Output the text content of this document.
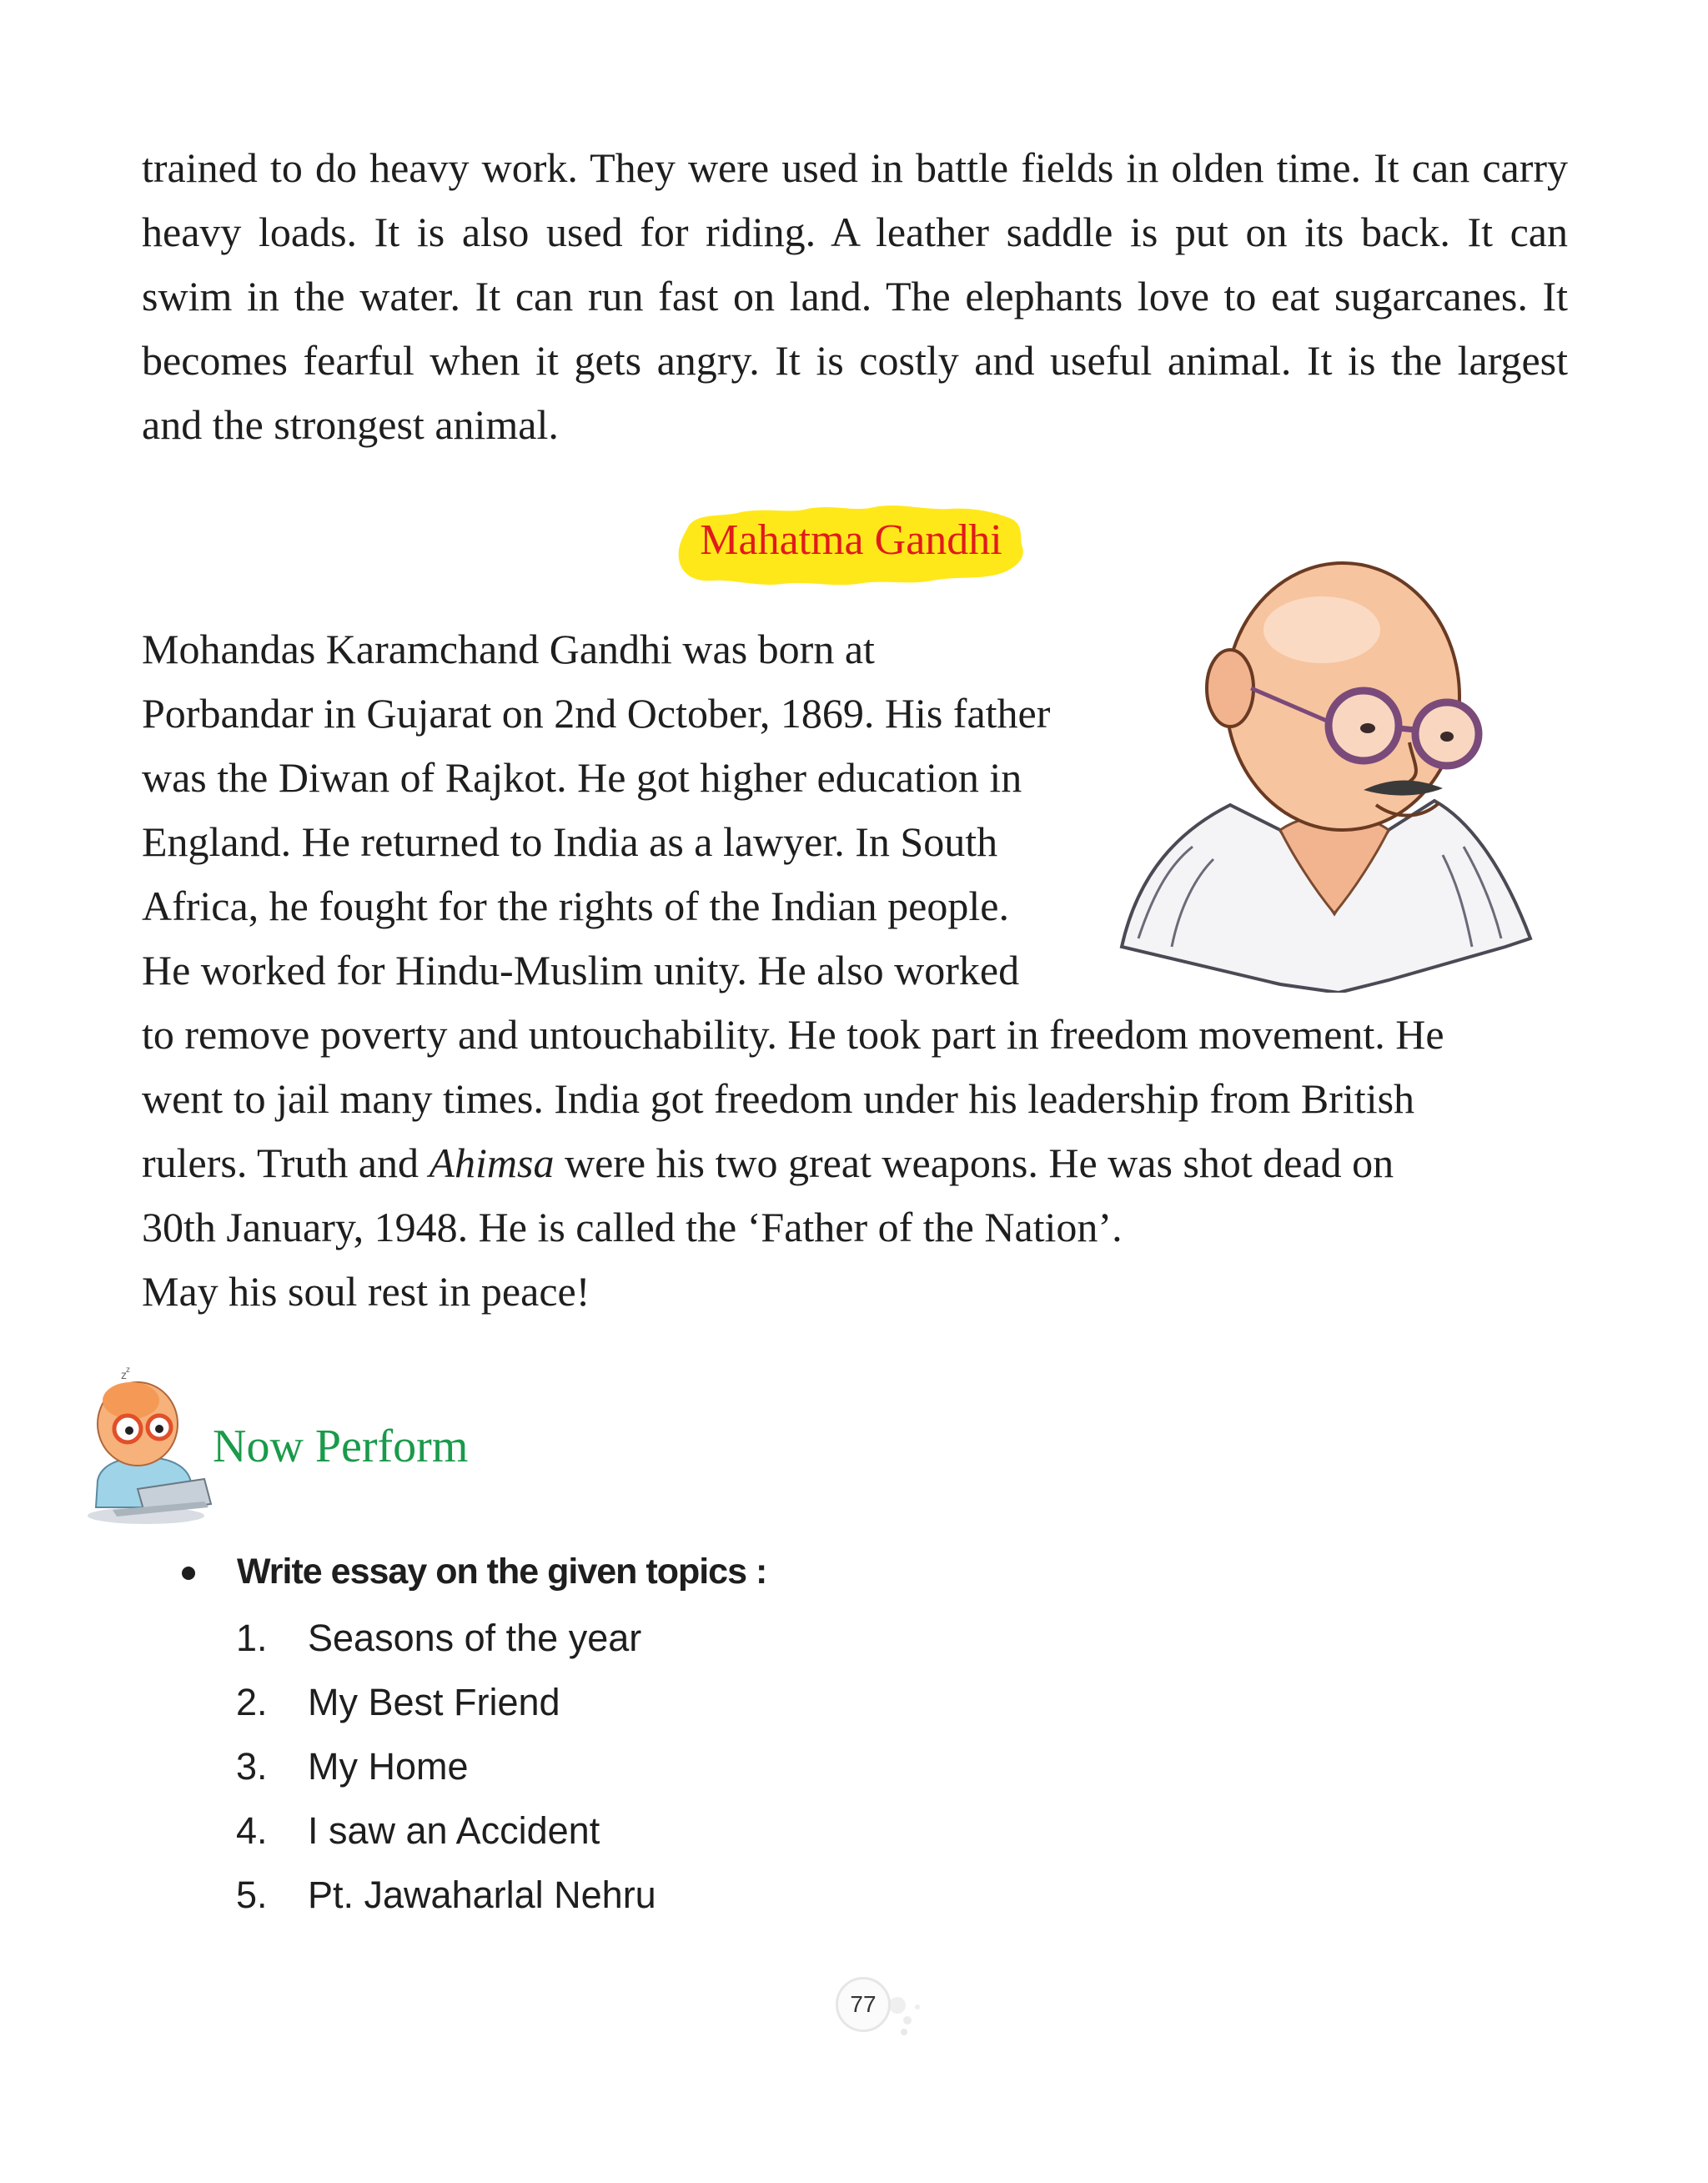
trained to do heavy work. They were used in battle fields in olden time. It can carry
heavy loads. It is also used for riding. A leather saddle is put on its back. It can
swim in the water. It can run fast on land. The elephants love to eat sugarcanes. It
becomes fearful when it gets angry. It is costly and useful animal. It is the largest
and the strongest animal.

Mahatma Gandhi

Mohandas Karamchand Gandhi was born at
Porbandar in Gujarat on 2nd October, 1869. His father
was the Diwan of Rajkot. He got higher education in
England. He returned to India as a lawyer. In South
Africa, he fought for the rights of the Indian people.
He worked for Hindu-Muslim unity. He also worked

to remove poverty and untouchability. He took part in freedom movement. He
went to jail many times. India got freedom under his leadership from British
rulers. Truth and Ahimsa were his two great weapons. He was shot dead on
30th January, 1948. He is called the ‘Father of the Nation’.
May his soul rest in peace!

z z
Now Perform
Write essay on the given topics :
1. Seasons of the year
2. My Best Friend
3. My Home
4. I saw an Accident
5. Pt. Jawaharlal Nehru
77
